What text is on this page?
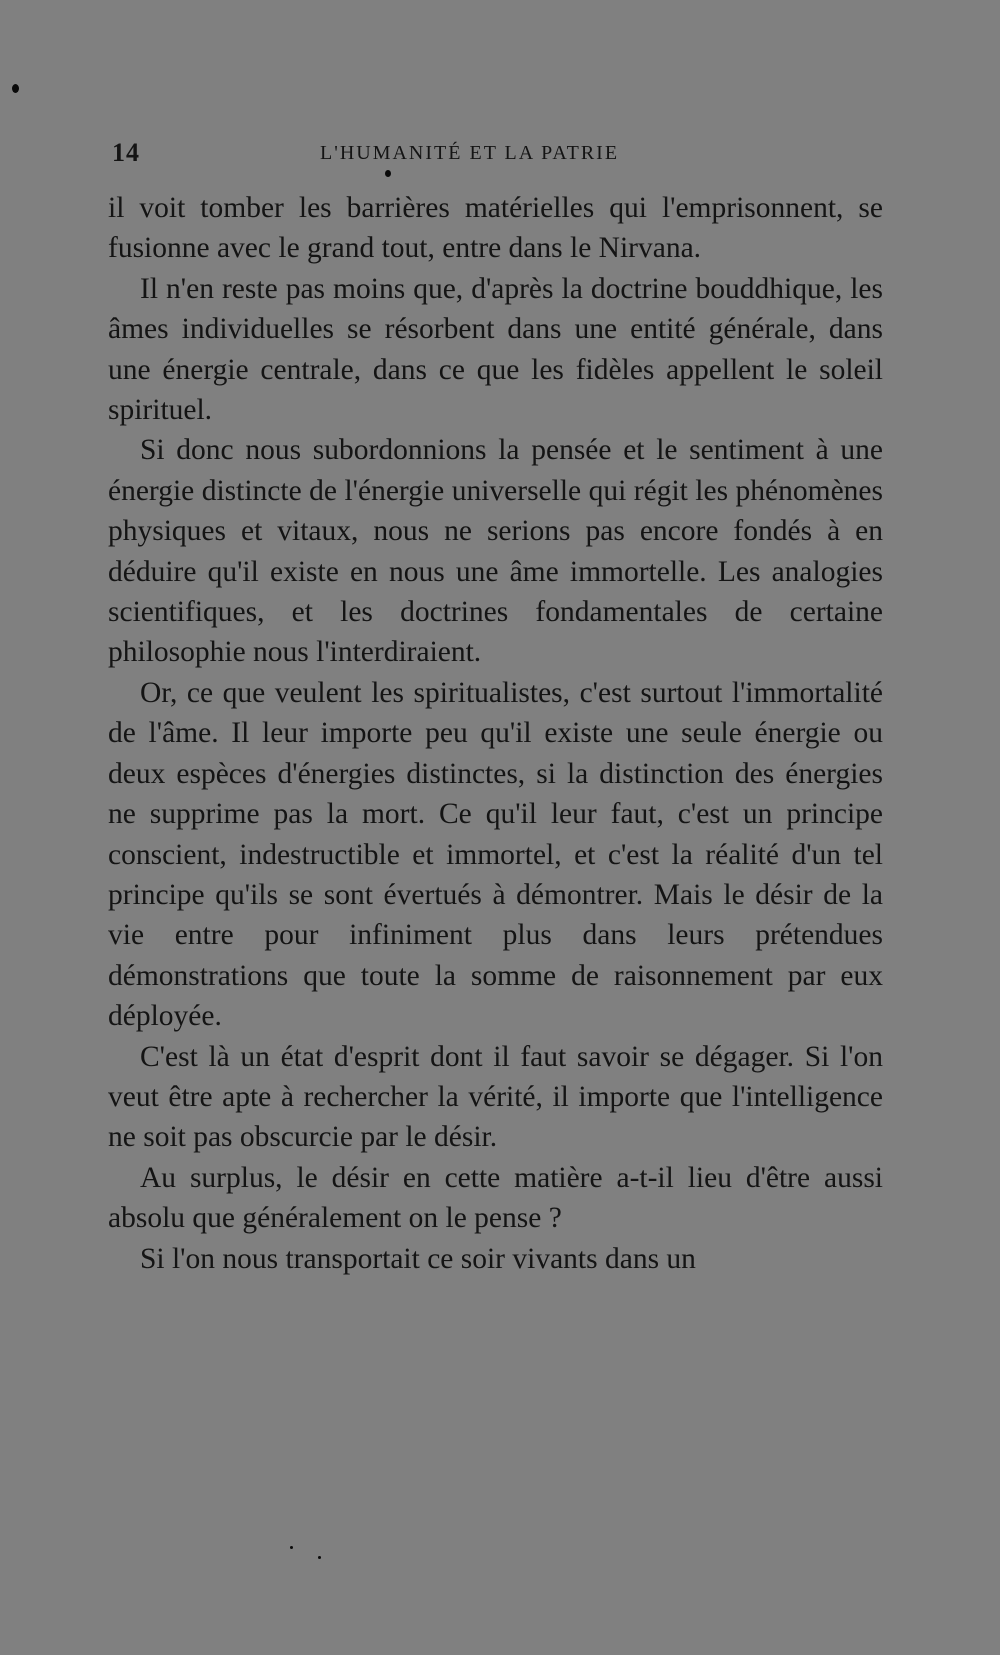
14	L'HUMANITÉ ET LA PATRIE

il voit tomber les barrières matérielles qui l'emprisonnent, se fusionne avec le grand tout, entre dans le Nirvana.

Il n'en reste pas moins que, d'après la doctrine bouddhique, les âmes individuelles se résorbent dans une entité générale, dans une énergie centrale, dans ce que les fidèles appellent le soleil spirituel.

Si donc nous subordonnions la pensée et le sentiment à une énergie distincte de l'énergie universelle qui régit les phénomènes physiques et vitaux, nous ne serions pas encore fondés à en déduire qu'il existe en nous une âme immortelle. Les analogies scientifiques, et les doctrines fondamentales de certaine philosophie nous l'interdiraient.

Or, ce que veulent les spiritualistes, c'est surtout l'immortalité de l'âme. Il leur importe peu qu'il existe une seule énergie ou deux espèces d'énergies distinctes, si la distinction des énergies ne supprime pas la mort. Ce qu'il leur faut, c'est un principe conscient, indestructible et immortel, et c'est la réalité d'un tel principe qu'ils se sont évertués à démontrer. Mais le désir de la vie entre pour infiniment plus dans leurs prétendues démonstrations que toute la somme de raisonnement par eux déployée.

C'est là un état d'esprit dont il faut savoir se dégager. Si l'on veut être apte à rechercher la vérité, il importe que l'intelligence ne soit pas obscurcie par le désir.

Au surplus, le désir en cette matière a-t-il lieu d'être aussi absolu que généralement on le pense ?

Si l'on nous transportait ce soir vivants dans un
